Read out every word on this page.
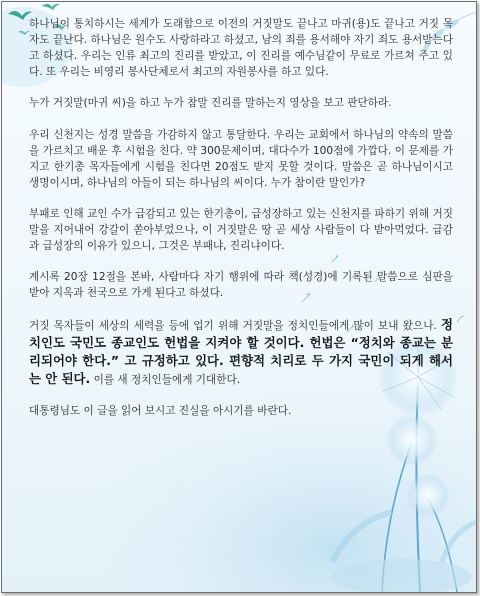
하나님이 통치하시는 세계가 도래함으로 이전의 거짓말도 끝나고 마귀(용)도 끝나고 거짓 목자도 끝난다. 하나님은 원수도 사랑하라고 하셨고, 남의 죄를 용서해야 자기 죄도 용서받는다고 하셨다. 우리는 인류 최고의 진리를 받았고, 이 진리를 예수님같이 무료로 가르쳐 주고 있다. 또 우리는 비영리 봉사단체로서 최고의 자원봉사를 하고 있다.

누가 거짓말(마귀 씨)을 하고 누가 참말 진리를 말하는지 영상을 보고 판단하라.

우리 신천지는 성경 말씀을 가감하지 않고 통달한다. 우리는 교회에서 하나님의 약속의 말씀을 가르치고 배운 후 시험을 친다. 약 300문제이며, 대다수가 100점에 가깝다. 이 문제를 가지고 한기총 목자들에게 시험을 친다면 20점도 받지 못할 것이다. 말씀은 곧 하나님이시고 생명이시며, 하나님의 아들이 되는 하나님의 씨이다. 누가 참이란 말인가?

부패로 인해 교인 수가 급감되고 있는 한기총이, 급성장하고 있는 신천지를 파하기 위해 거짓말을 지어내어 강갈이 쏟아부었으나, 이 거짓말은 땅 곧 세상 사람들이 다 받아먹었다. 급감과 급성장의 이유가 있으니, 그것은 부패냐, 진리냐이다.

계시록 20장 12절을 본바, 사람마다 자기 행위에 따라 책(성경)에 기록된 말씀으로 심판을 받아 지옥과 천국으로 가게 된다고 하셨다.

거짓 목자들이 세상의 세력을 등에 업기 위해 거짓말을 정치인들에게 많이 보내 왔으나. 정치인도 국민도 종교인도 헌법을 지켜야 할 것이다. 헌법은 “정치와 종교는 분리되어야 한다.” 고 규정하고 있다. 편향적 치리로 두 가지 국민이 되게 해서는 안 된다. 이를 새 정치인들에게 기대한다.

대통령님도 이 글을 읽어 보시고 진실을 아시기를 바란다.
